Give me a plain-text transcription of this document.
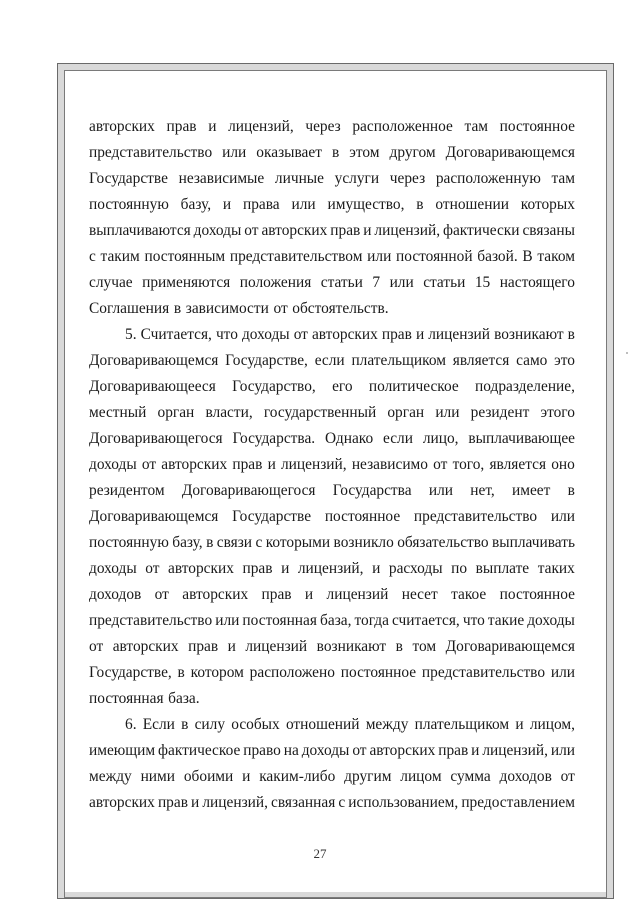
авторских прав и лицензий, через расположенное там постоянное
представительство или оказывает в этом другом Договаривающемся
Государстве независимые личные услуги через расположенную там
постоянную базу, и права или имущество, в отношении которых
выплачиваются доходы от авторских прав и лицензий, фактически связаны
с таким постоянным представительством или постоянной базой. В таком
случае применяются положения статьи 7 или статьи 15 настоящего
Соглашения в зависимости от обстоятельств.
5. Считается, что доходы от авторских прав и лицензий возникают в
Договаривающемся Государстве, если плательщиком является само это
Договаривающееся Государство, его политическое подразделение,
местный орган власти, государственный орган или резидент этого
Договаривающегося Государства. Однако если лицо, выплачивающее
доходы от авторских прав и лицензий, независимо от того, является оно
резидентом Договаривающегося Государства или нет, имеет в
Договаривающемся Государстве постоянное представительство или
постоянную базу, в связи с которыми возникло обязательство выплачивать
доходы от авторских прав и лицензий, и расходы по выплате таких
доходов от авторских прав и лицензий несет такое постоянное
представительство или постоянная база, тогда считается, что такие доходы
от авторских прав и лицензий возникают в том Договаривающемся
Государстве, в котором расположено постоянное представительство или
постоянная база.
6. Если в силу особых отношений между плательщиком и лицом,
имеющим фактическое право на доходы от авторских прав и лицензий, или
между ними обоими и каким-либо другим лицом сумма доходов от
авторских прав и лицензий, связанная с использованием, предоставлением
27
